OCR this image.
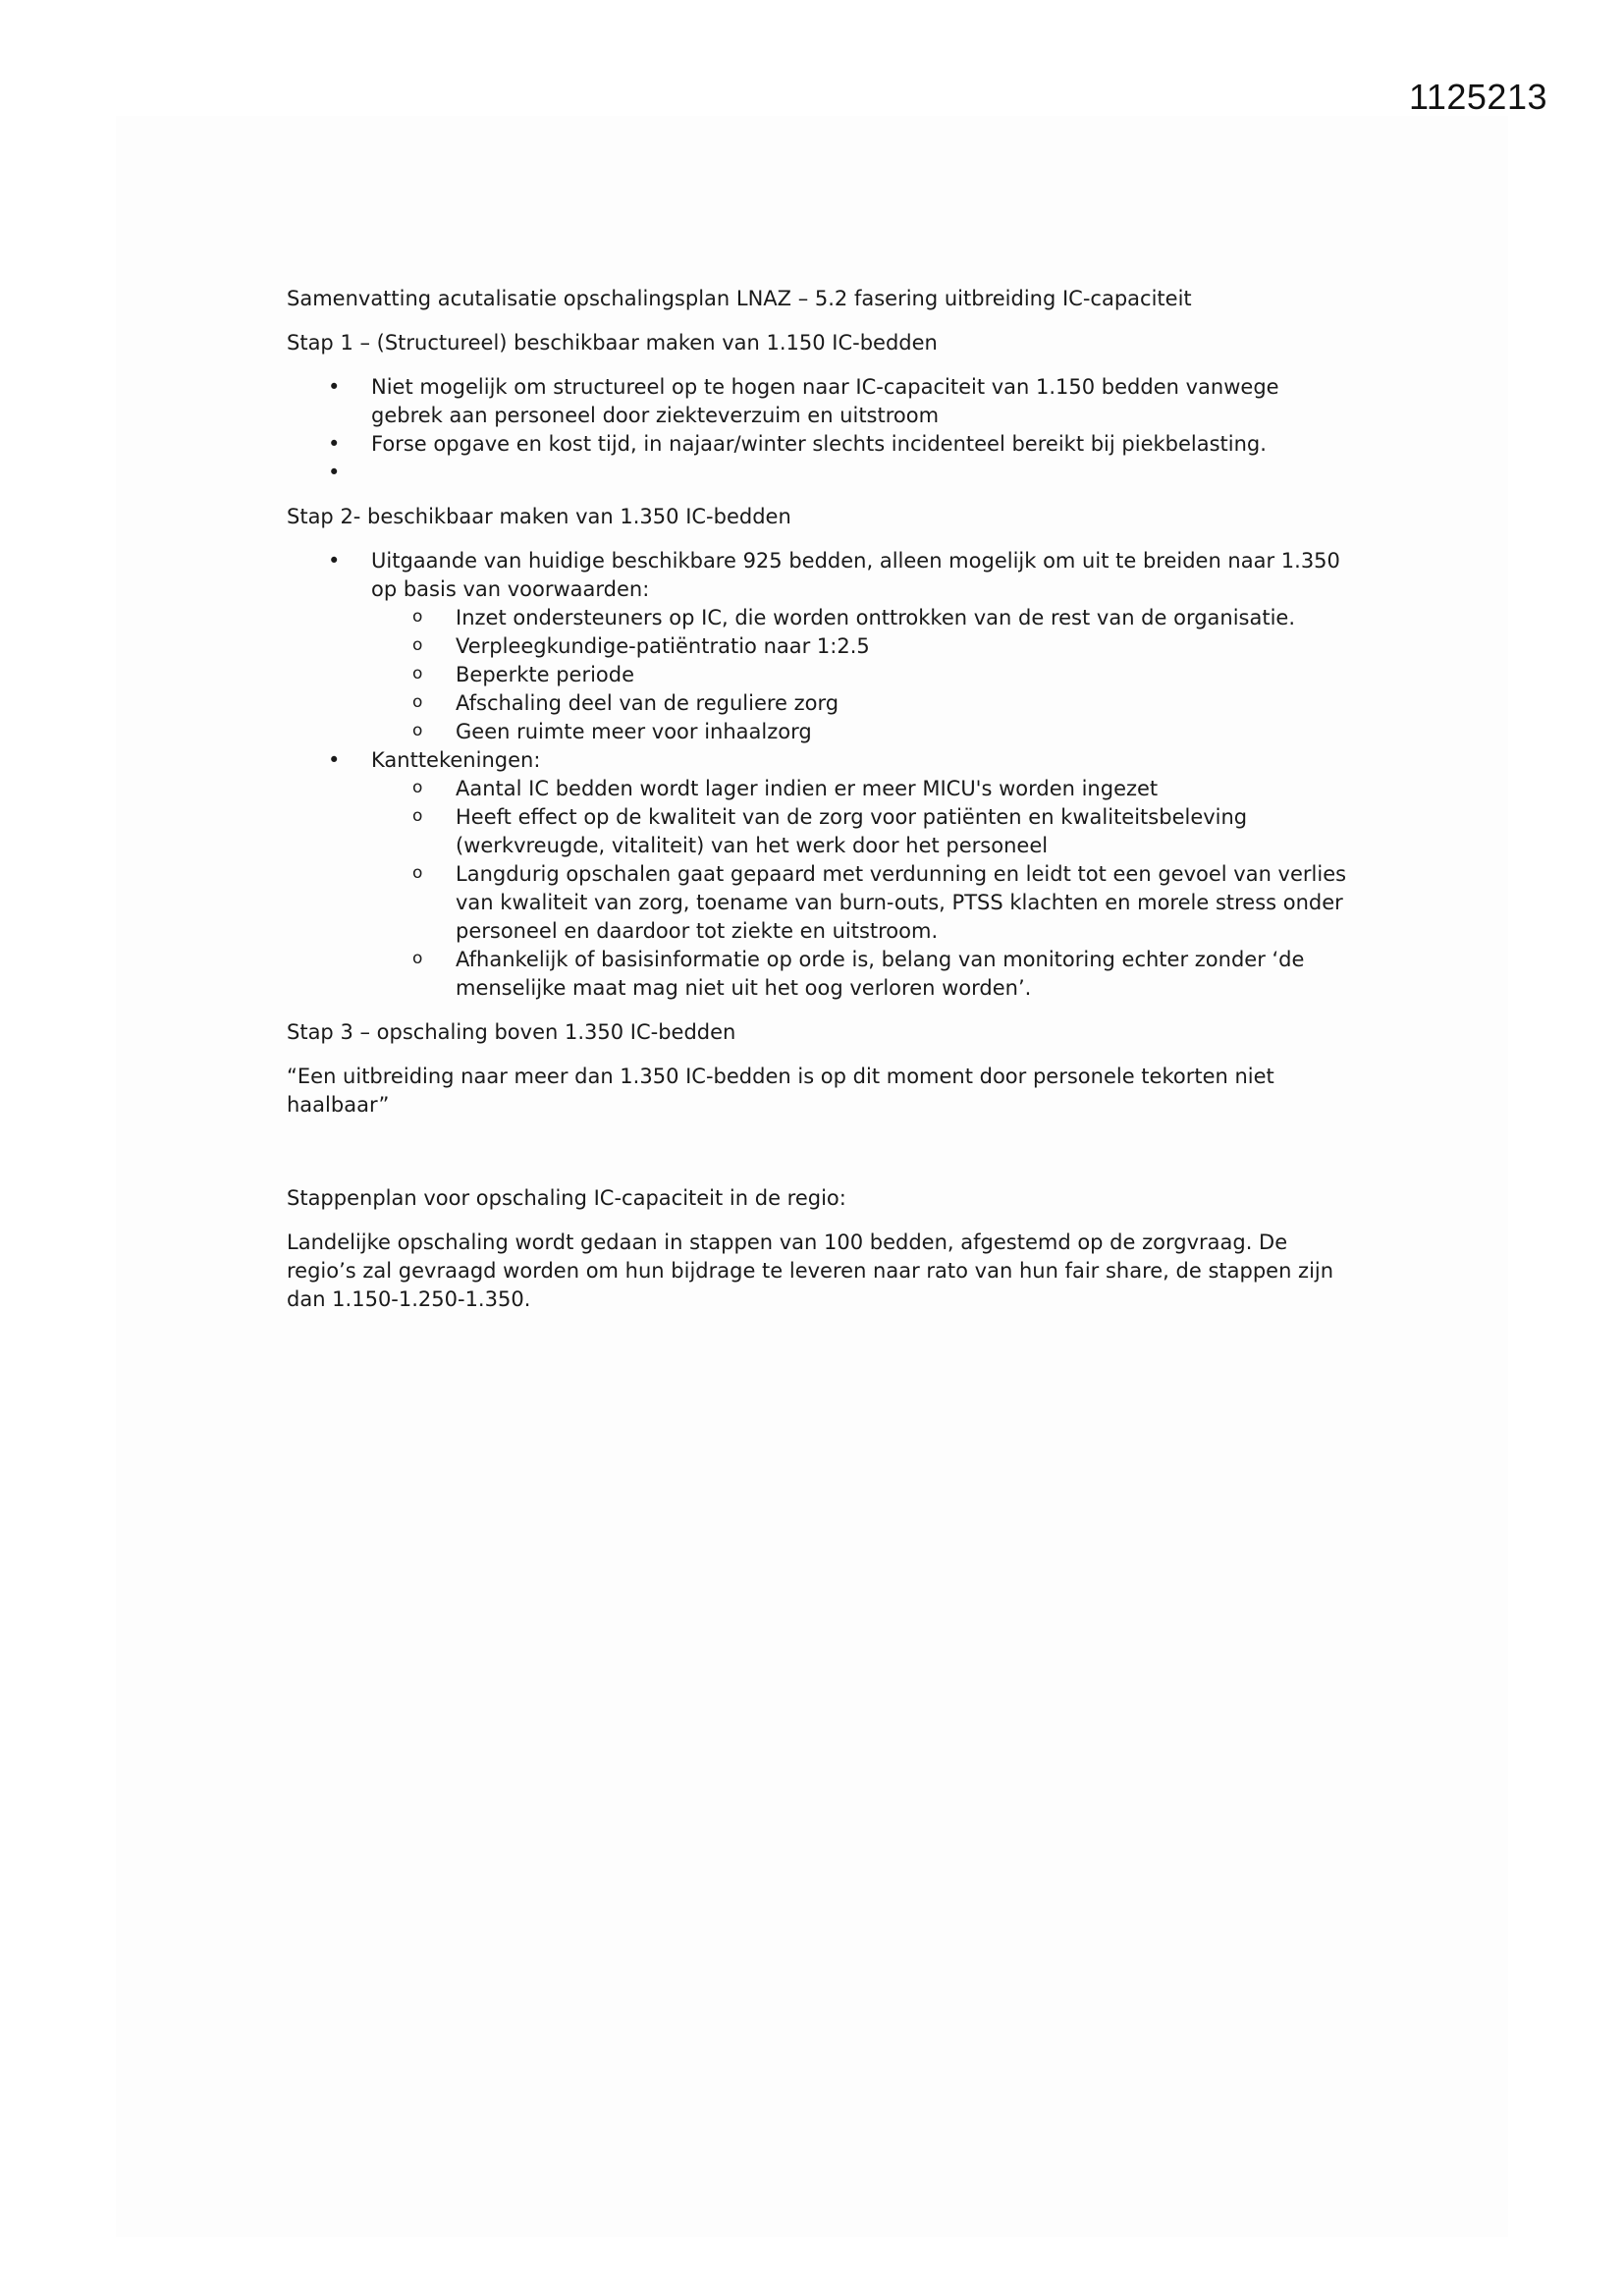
1125213

Samenvatting acutalisatie opschalingsplan LNAZ – 5.2 fasering uitbreiding IC-capaciteit

Stap 1 – (Structureel) beschikbaar maken van 1.150 IC-bedden

• Niet mogelijk om structureel op te hogen naar IC-capaciteit van 1.150 bedden vanwege gebrek aan personeel door ziekteverzuim en uitstroom
• Forse opgave en kost tijd, in najaar/winter slechts incidenteel bereikt bij piekbelasting.
•

Stap 2- beschikbaar maken van 1.350 IC-bedden

• Uitgaande van huidige beschikbare 925 bedden, alleen mogelijk om uit te breiden naar 1.350 op basis van voorwaarden:
o Inzet ondersteuners op IC, die worden onttrokken van de rest van de organisatie.
o Verpleegkundige-patiëntratio naar 1:2.5
o Beperkte periode
o Afschaling deel van de reguliere zorg
o Geen ruimte meer voor inhaalzorg
• Kanttekeningen:
o Aantal IC bedden wordt lager indien er meer MICU's worden ingezet
o Heeft effect op de kwaliteit van de zorg voor patiënten en kwaliteitsbeleving (werkvreugde, vitaliteit) van het werk door het personeel
o Langdurig opschalen gaat gepaard met verdunning en leidt tot een gevoel van verlies van kwaliteit van zorg, toename van burn-outs, PTSS klachten en morele stress onder personeel en daardoor tot ziekte en uitstroom.
o Afhankelijk of basisinformatie op orde is, belang van monitoring echter zonder ‘de menselijke maat mag niet uit het oog verloren worden’.

Stap 3 – opschaling boven 1.350 IC-bedden

“Een uitbreiding naar meer dan 1.350 IC-bedden is op dit moment door personele tekorten niet haalbaar”

Stappenplan voor opschaling IC-capaciteit in de regio:

Landelijke opschaling wordt gedaan in stappen van 100 bedden, afgestemd op de zorgvraag. De regio’s zal gevraagd worden om hun bijdrage te leveren naar rato van hun fair share, de stappen zijn dan 1.150-1.250-1.350.
